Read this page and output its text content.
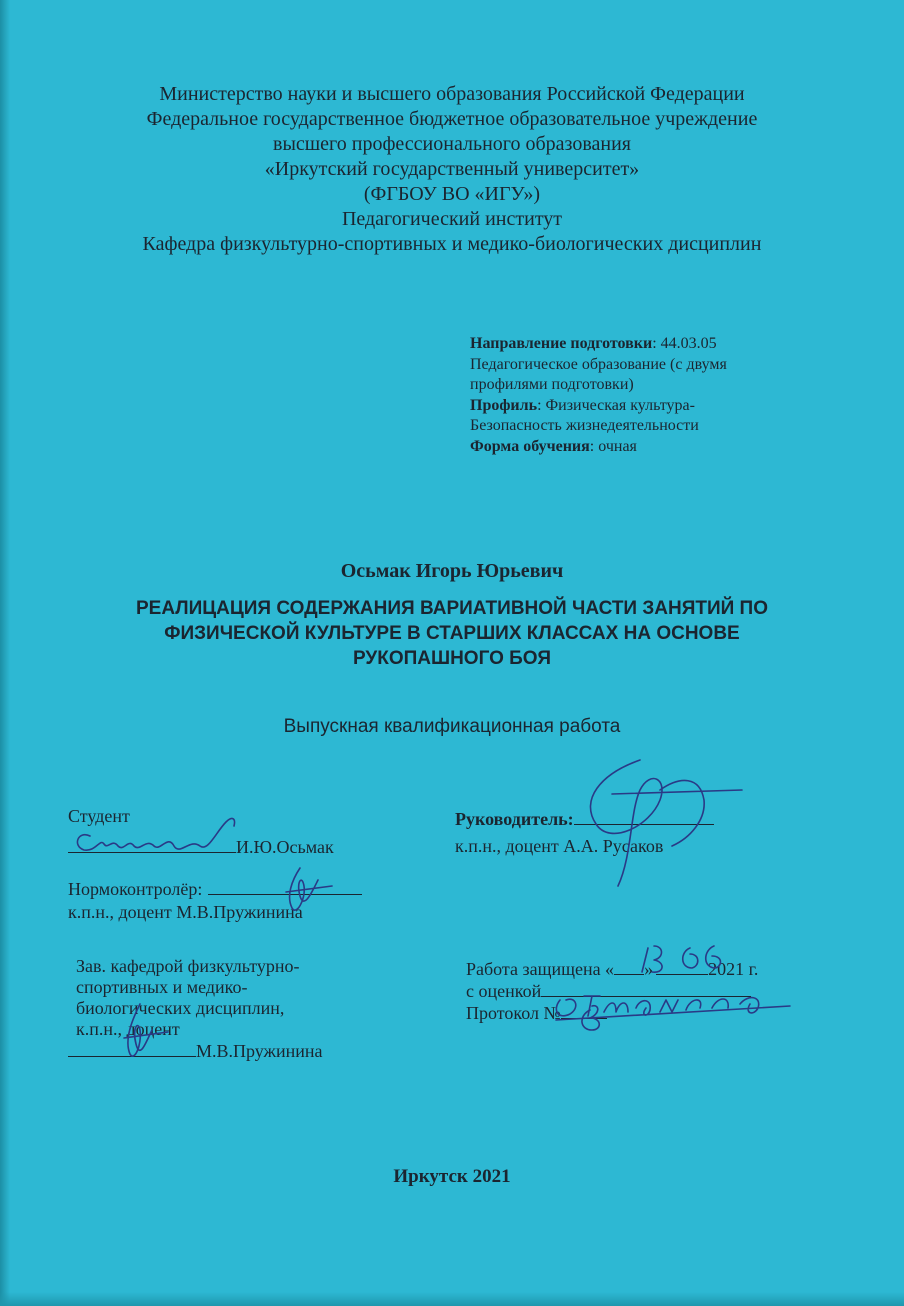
Министерство науки и высшего образования Российской Федерации
Федеральное государственное бюджетное образовательное учреждение
высшего профессионального образования
«Иркутский государственный университет»
(ФГБОУ ВО «ИГУ»)
Педагогический институт
Кафедра физкультурно-спортивных и медико-биологических дисциплин
Направление подготовки: 44.03.05
Педагогическое образование (с двумя
профилями подготовки)
Профиль: Физическая культура-
Безопасность жизнедеятельности
Форма обучения: очная
Осьмак Игорь Юрьевич
РЕАЛИЦАЦИЯ СОДЕРЖАНИЯ ВАРИАТИВНОЙ ЧАСТИ ЗАНЯТИЙ ПО
ФИЗИЧЕСКОЙ КУЛЬТУРЕ В СТАРШИХ КЛАССАХ НА ОСНОВЕ
РУКОПАШНОГО БОЯ
Выпускная квалификационная работа
Студент
И.Ю.Осьмак
Руководитель:
к.п.н., доцент А.А. Русаков
Нормоконтролёр:
к.п.н., доцент М.В.Пружинина
Зав. кафедрой физкультурно-
спортивных и медико-
биологических дисциплин,
к.п.н., доцент
М.В.Пружинина
Работа защищена « »	2021 г.
с оценкой
Протокол №
Иркутск 2021
